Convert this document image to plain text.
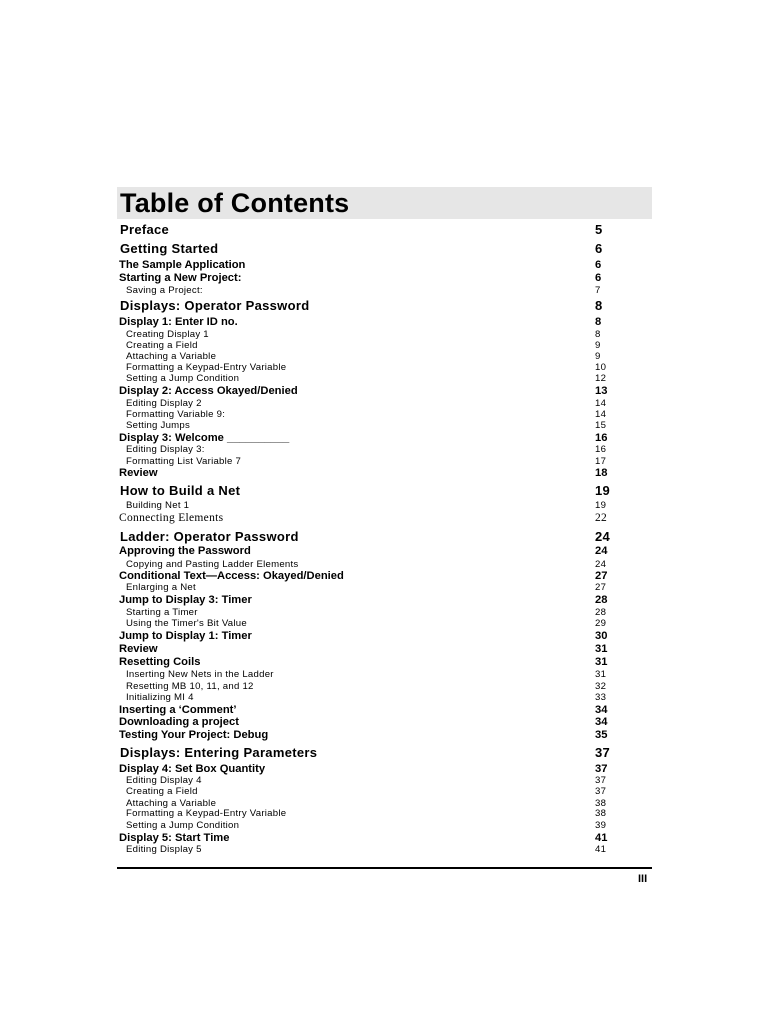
Table of Contents
Preface	5
Getting Started	6
The Sample Application	6
Starting a New Project:	6
Saving a Project:	7
Displays: Operator Password	8
Display 1: Enter ID no.	8
Creating Display 1	8
Creating a Field	9
Attaching a Variable	9
Formatting a Keypad-Entry Variable	10
Setting a Jump Condition	12
Display 2: Access Okayed/Denied	13
Editing Display 2	14
Formatting Variable 9:	14
Setting Jumps	15
Display 3: Welcome __________	16
Editing Display 3:	16
Formatting List Variable 7	17
Review	18
How to Build a Net	19
Building Net 1	19
Connecting Elements	22
Ladder: Operator Password	24
Approving the Password	24
Copying and Pasting Ladder Elements	24
Conditional Text—Access: Okayed/Denied	27
Enlarging a Net	27
Jump to Display 3: Timer	28
Starting a Timer	28
Using the Timer's Bit Value	29
Jump to Display 1: Timer	30
Review	31
Resetting Coils	31
Inserting New Nets in the Ladder	31
Resetting MB 10, 11, and 12	32
Initializing MI 4	33
Inserting a ‘Comment’	34
Downloading a project	34
Testing Your Project: Debug	35
Displays: Entering Parameters	37
Display 4: Set Box Quantity	37
Editing Display 4	37
Creating a Field	37
Attaching a Variable	38
Formatting a Keypad-Entry Variable	38
Setting a Jump Condition	39
Display 5: Start Time	41
Editing Display 5	41
III
